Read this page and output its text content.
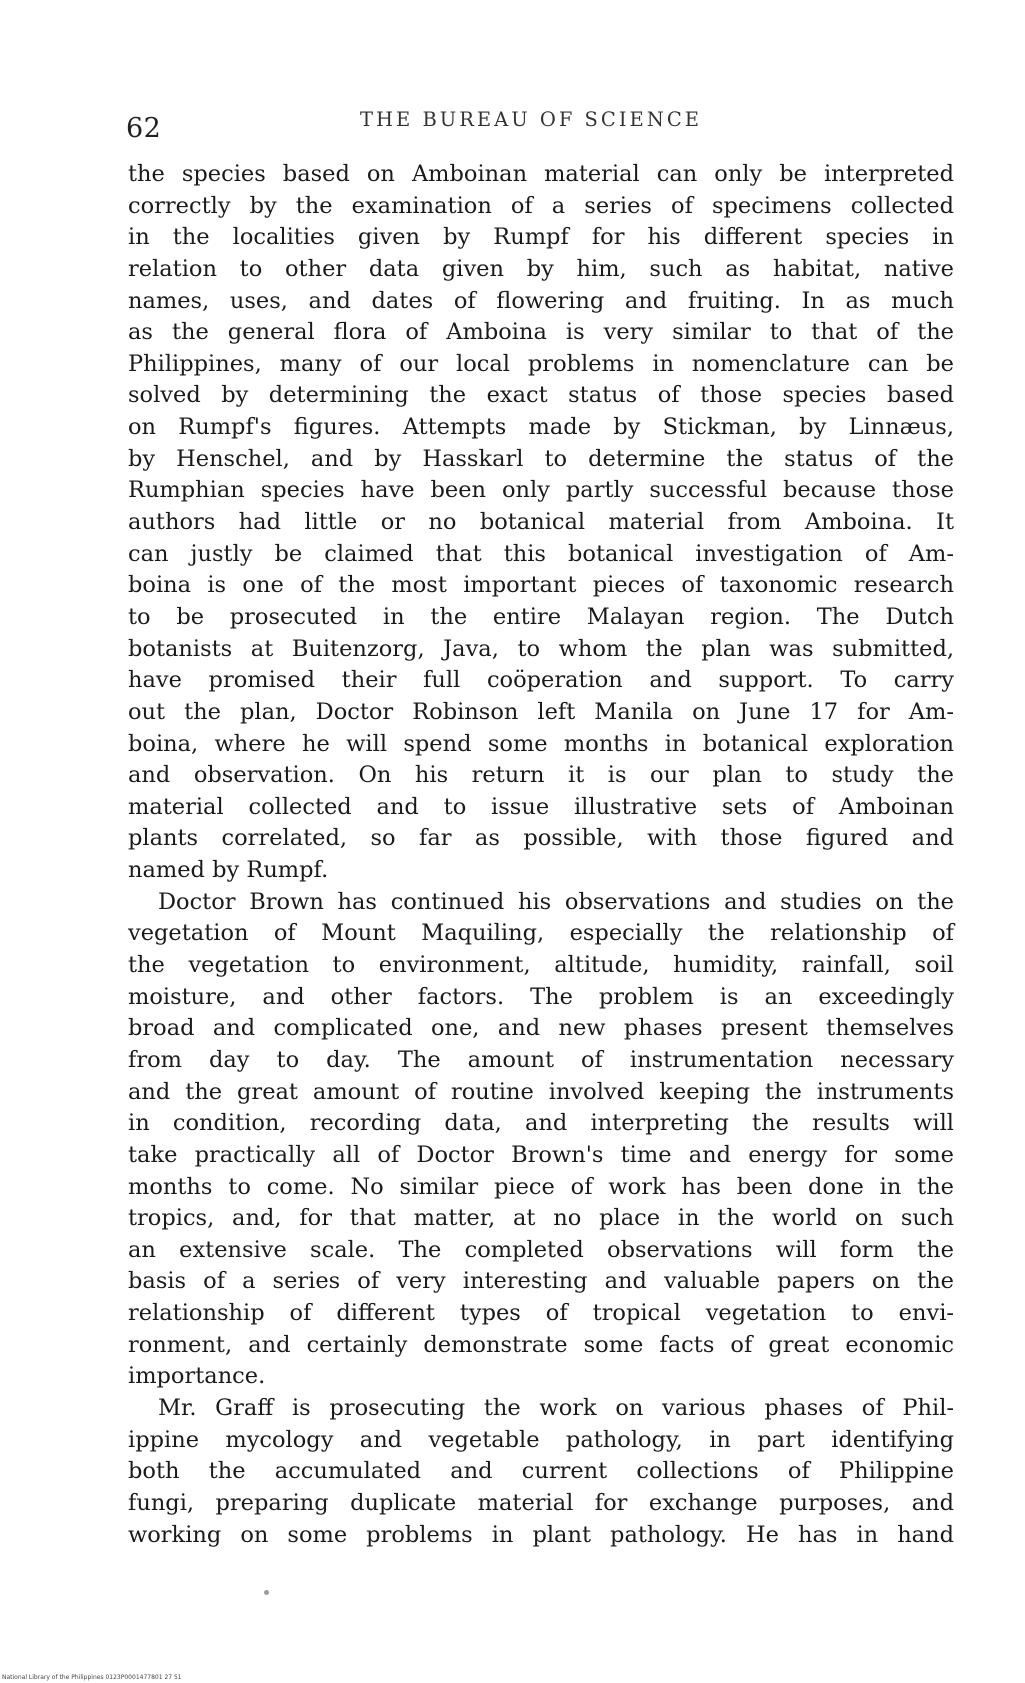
62	THE BUREAU OF SCIENCE
the species based on Amboinan material can only be interpreted
correctly by the examination of a series of specimens collected
in the localities given by Rumpf for his different species in
relation to other data given by him, such as habitat, native
names, uses, and dates of flowering and fruiting. In as much
as the general flora of Amboina is very similar to that of the
Philippines, many of our local problems in nomenclature can be
solved by determining the exact status of those species based
on Rumpf's figures. Attempts made by Stickman, by Linnæus,
by Henschel, and by Hasskarl to determine the status of the
Rumphian species have been only partly successful because those
authors had little or no botanical material from Amboina. It
can justly be claimed that this botanical investigation of Am-
boina is one of the most important pieces of taxonomic research
to be prosecuted in the entire Malayan region. The Dutch
botanists at Buitenzorg, Java, to whom the plan was submitted,
have promised their full coöperation and support. To carry
out the plan, Doctor Robinson left Manila on June 17 for Am-
boina, where he will spend some months in botanical exploration
and observation. On his return it is our plan to study the
material collected and to issue illustrative sets of Amboinan
plants correlated, so far as possible, with those figured and
named by Rumpf.
Doctor Brown has continued his observations and studies on the
vegetation of Mount Maquiling, especially the relationship of
the vegetation to environment, altitude, humidity, rainfall, soil
moisture, and other factors. The problem is an exceedingly
broad and complicated one, and new phases present themselves
from day to day. The amount of instrumentation necessary
and the great amount of routine involved keeping the instruments
in condition, recording data, and interpreting the results will
take practically all of Doctor Brown's time and energy for some
months to come. No similar piece of work has been done in the
tropics, and, for that matter, at no place in the world on such
an extensive scale. The completed observations will form the
basis of a series of very interesting and valuable papers on the
relationship of different types of tropical vegetation to envi-
ronment, and certainly demonstrate some facts of great economic
importance.
Mr. Graff is prosecuting the work on various phases of Phil-
ippine mycology and vegetable pathology, in part identifying
both the accumulated and current collections of Philippine
fungi, preparing duplicate material for exchange purposes, and
working on some problems in plant pathology. He has in hand
National Library of the Philippines 0123P0001477801 27 51
